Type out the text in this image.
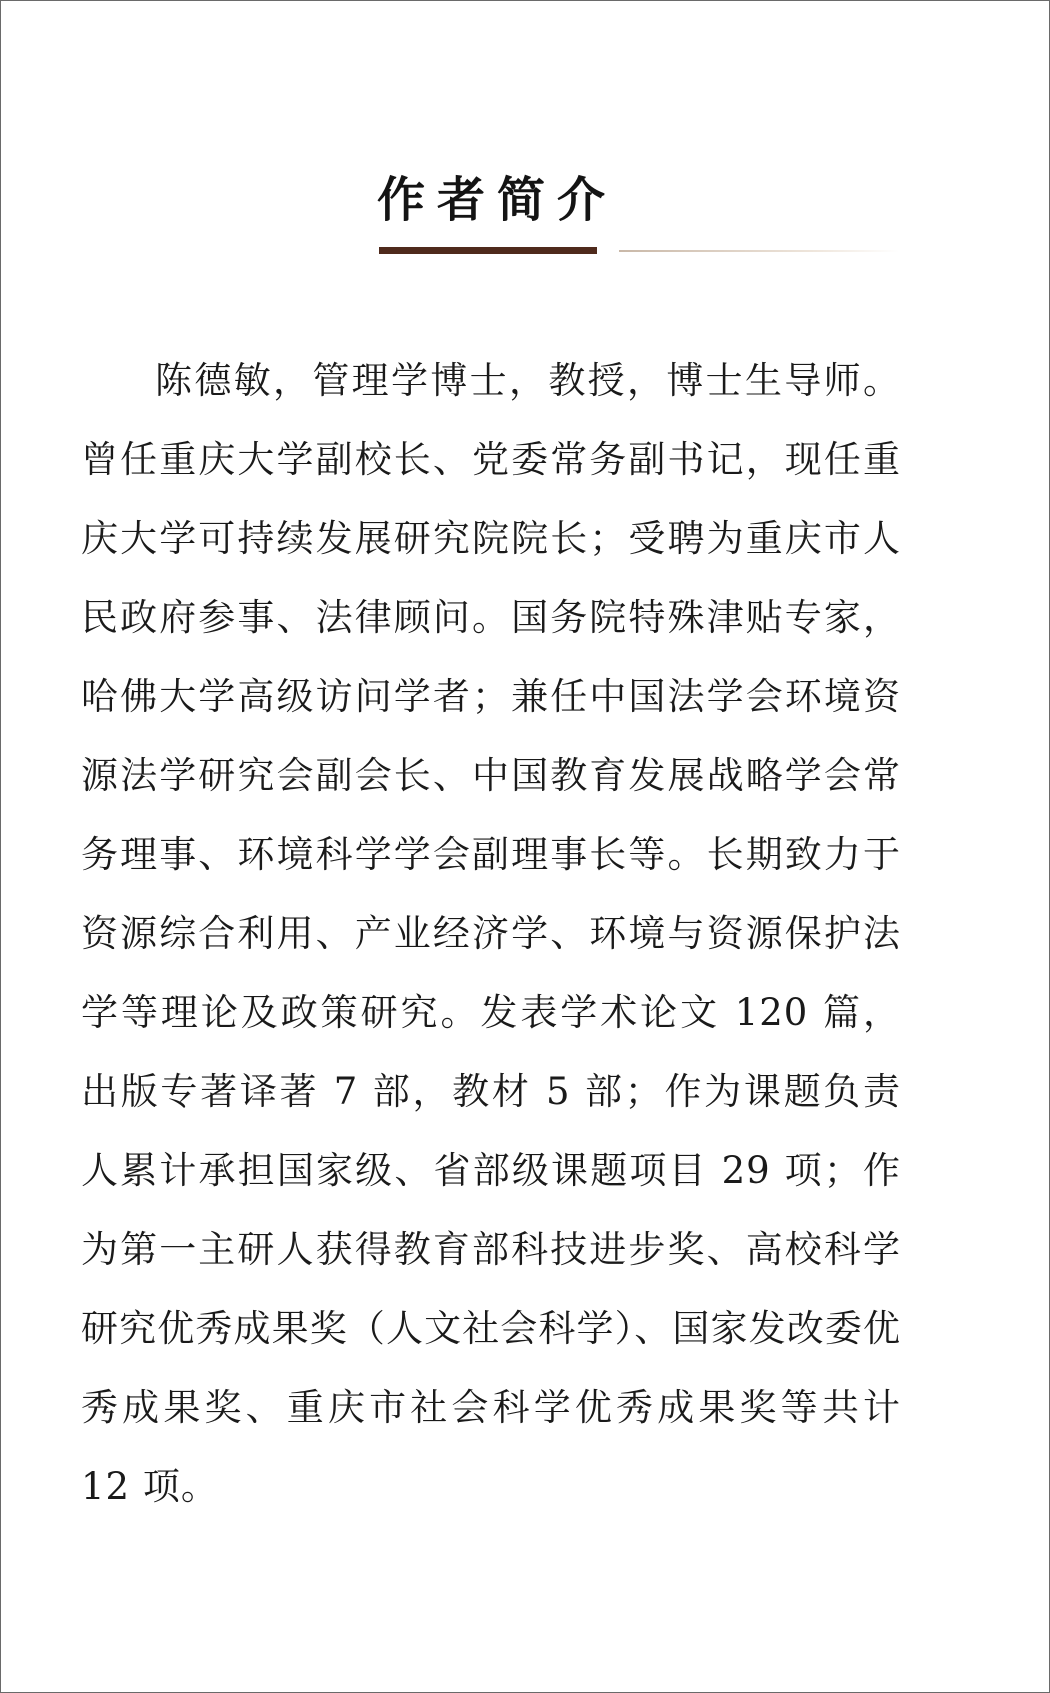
作者简介

陈德敏，管理学博士，教授，博士生导师。曾任重庆大学副校长、党委常务副书记，现任重庆大学可持续发展研究院院长；受聘为重庆市人民政府参事、法律顾问。国务院特殊津贴专家，哈佛大学高级访问学者；兼任中国法学会环境资源法学研究会副会长、中国教育发展战略学会常务理事、环境科学学会副理事长等。长期致力于资源综合利用、产业经济学、环境与资源保护法学等理论及政策研究。发表学术论文 120 篇，出版专著译著 7 部，教材 5 部；作为课题负责人累计承担国家级、省部级课题项目 29 项；作为第一主研人获得教育部科技进步奖、高校科学研究优秀成果奖（人文社会科学）、国家发改委优秀成果奖、重庆市社会科学优秀成果奖等共计 12 项。
